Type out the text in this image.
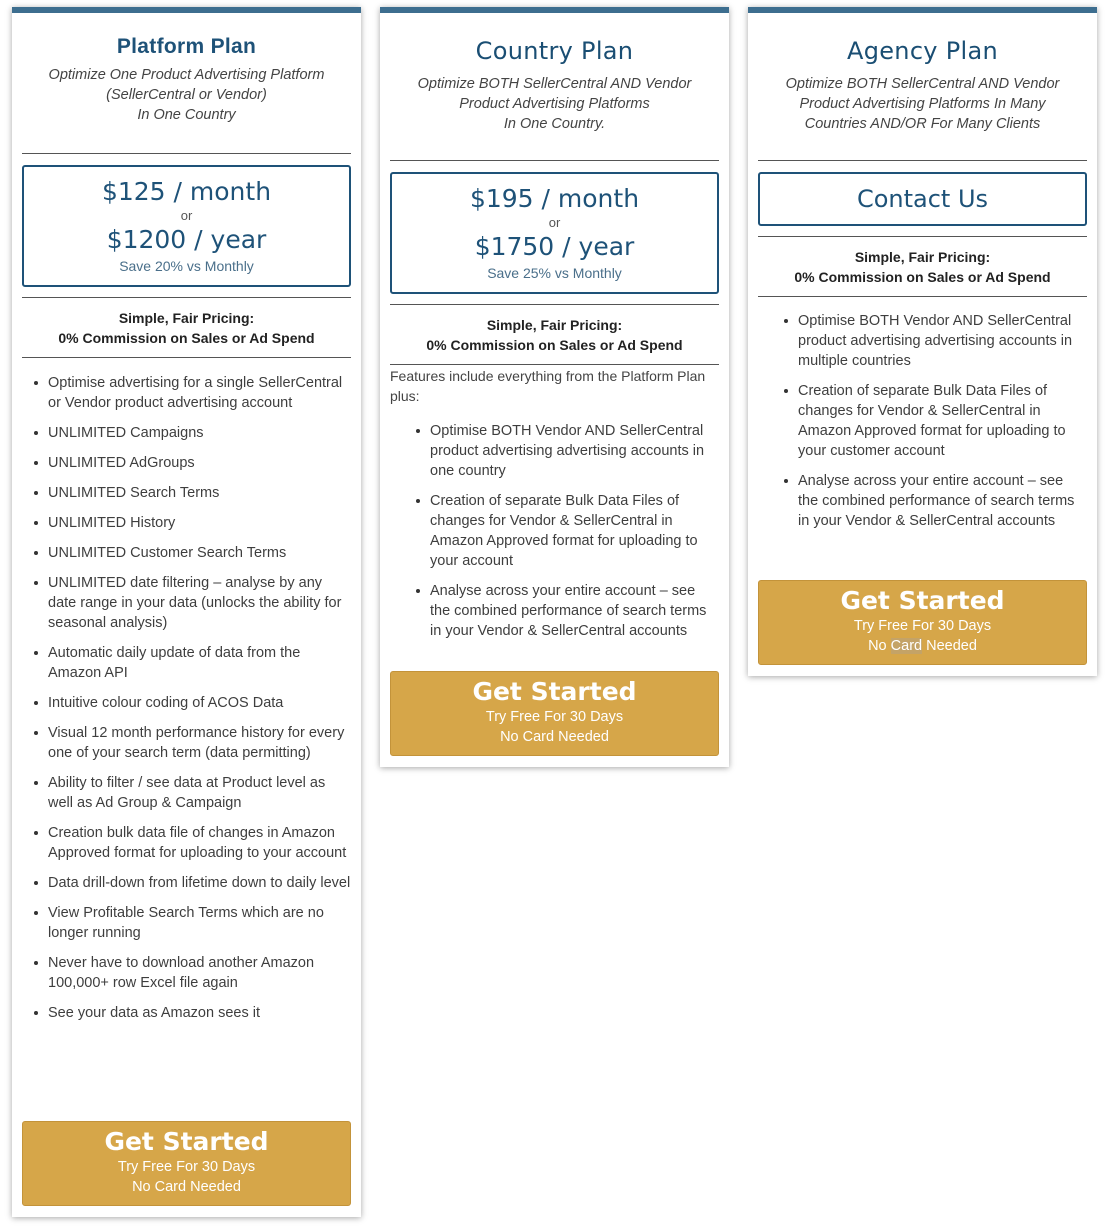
Platform Plan
Optimize One Product Advertising Platform
(SellerCentral or Vendor)
In One Country
$125 / month
or
$1200 / year
Save 20% vs Monthly
Simple, Fair Pricing:
0% Commission on Sales or Ad Spend
Optimise advertising for a single SellerCentral or Vendor product advertising account
UNLIMITED Campaigns
UNLIMITED AdGroups
UNLIMITED Search Terms
UNLIMITED History
UNLIMITED Customer Search Terms
UNLIMITED date filtering – analyse by any date range in your data (unlocks the ability for seasonal analysis)
Automatic daily update of data from the Amazon API
Intuitive colour coding of ACOS Data
Visual 12 month performance history for every one of your search term (data permitting)
Ability to filter / see data at Product level as well as Ad Group & Campaign
Creation bulk data file of changes in Amazon Approved format for uploading to your account
Data drill-down from lifetime down to daily level
View Profitable Search Terms which are no longer running
Never have to download another Amazon 100,000+ row Excel file again
See your data as Amazon sees it
Get Started
Try Free For 30 Days
No Card Needed
Country Plan
Optimize BOTH SellerCentral AND Vendor
Product Advertising Platforms
In One Country.
$195 / month
or
$1750 / year
Save 25% vs Monthly
Simple, Fair Pricing:
0% Commission on Sales or Ad Spend
Features include everything from the Platform Plan plus:
Optimise BOTH Vendor AND SellerCentral product advertising advertising accounts in one country
Creation of separate Bulk Data Files of changes for Vendor & SellerCentral in Amazon Approved format for uploading to your account
Analyse across your entire account – see the combined performance of search terms in your Vendor & SellerCentral accounts
Get Started
Try Free For 30 Days
No Card Needed
Agency Plan
Optimize BOTH SellerCentral AND Vendor
Product Advertising Platforms In Many
Countries AND/OR For Many Clients
Contact Us
Simple, Fair Pricing:
0% Commission on Sales or Ad Spend
Optimise BOTH Vendor AND SellerCentral product advertising advertising accounts in multiple countries
Creation of separate Bulk Data Files of changes for Vendor & SellerCentral in Amazon Approved format for uploading to your customer account
Analyse across your entire account – see the combined performance of search terms in your Vendor & SellerCentral accounts
Get Started
Try Free For 30 Days
No Card Needed
